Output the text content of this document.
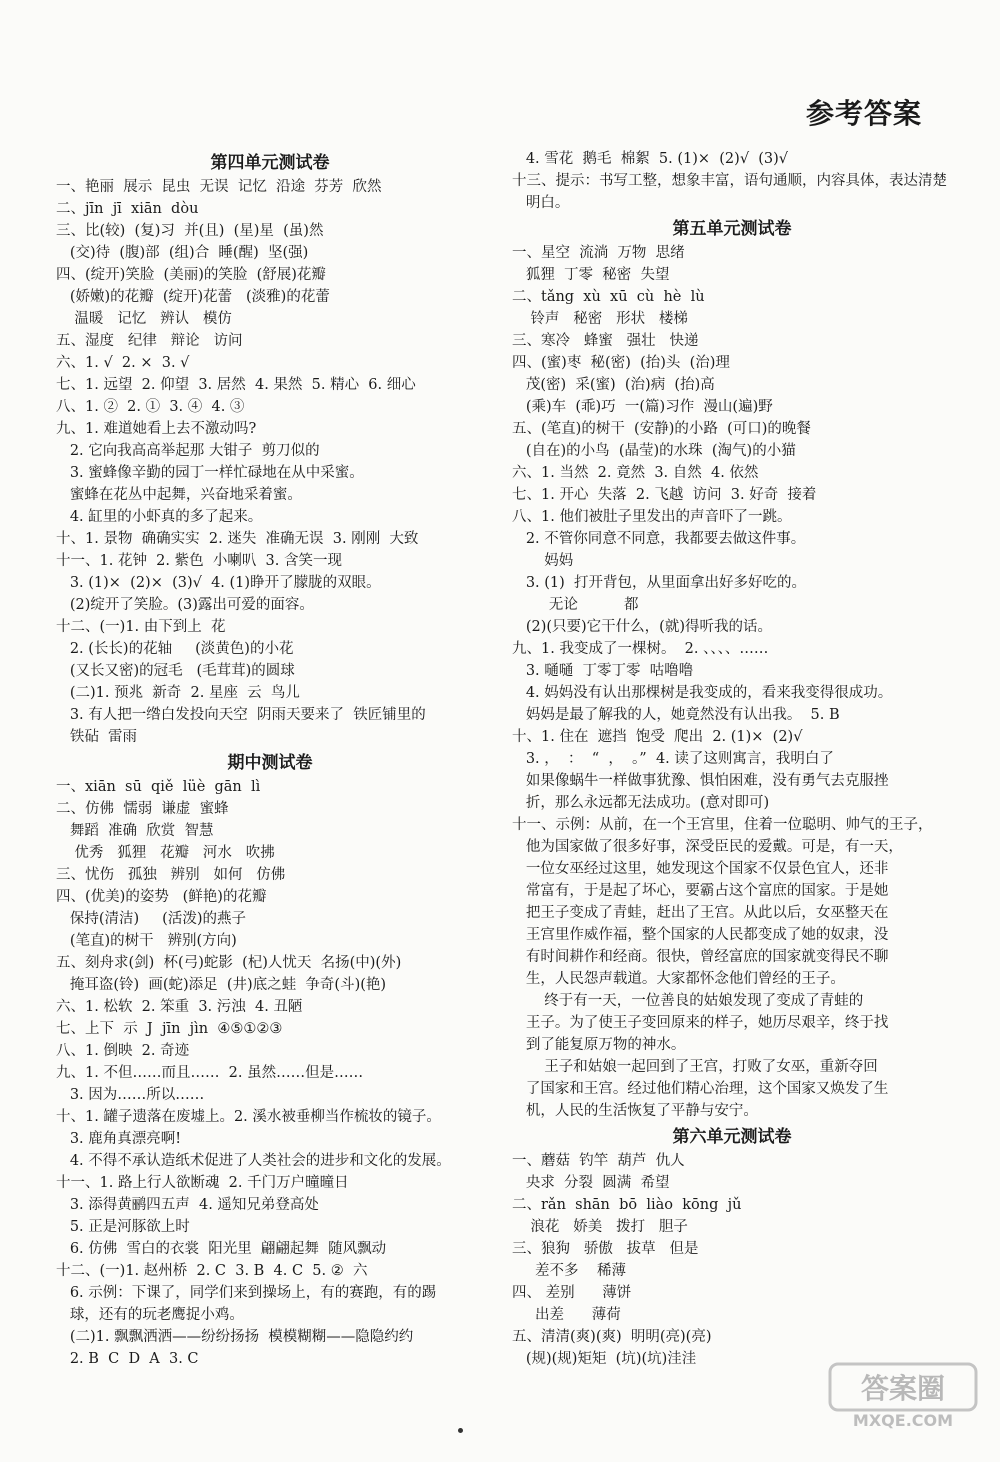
参考答案
第四单元测试卷
一、艳丽  展示  昆虫  无误  记忆  沿途  芬芳  欣然
二、jīn  jī  xiān  dòu
三、比(较)  (复)习  并(且)  (星)星  (虽)然
(交)待  (腹)部  (组)合  睡(醒)  坚(强)
四、(绽开)笑脸  (美丽)的笑脸  (舒展)花瓣
(娇嫩)的花瓣  (绽开)花蕾   (淡雅)的花蕾
温暖   记忆   辨认   模仿
五、湿度   纪律   辩论   访问
六、1. √  2. ×  3. √
七、1. 远望  2. 仰望  3. 居然  4. 果然  5. 精心  6. 细心
八、1. ②  2. ①  3. ④  4. ③
九、1. 难道她看上去不激动吗?
2. 它向我高高举起那 大钳子  剪刀似的
3. 蜜蜂像辛勤的园丁一样忙碌地在从中采蜜。
蜜蜂在花丛中起舞，兴奋地采着蜜。
4. 缸里的小虾真的多了起来。
十、1. 景物  确确实实  2. 迷失  准确无误  3. 刚刚  大致
十一、1. 花钟  2. 紫色  小喇叭  3. 含笑一现
3. (1)×  (2)×  (3)√  4. (1)睁开了朦胧的双眼。
(2)绽开了笑脸。(3)露出可爱的面容。
十二、(一)1. 由下到上  花
2. (长长)的花轴     (淡黄色)的小花
(又长又密)的冠毛   (毛茸茸)的圆球
(二)1. 预兆  新奇  2. 星座  云  鸟儿
3. 有人把一绺白发投向天空  阴雨天要来了  铁匠铺里的
铁砧  雷雨
期中测试卷
一、xiān  sū  qiě  lüè  gān  lì
二、仿佛  懦弱  谦虚  蜜蜂
舞蹈  准确  欣赏  智慧
优秀   狐狸   花瓣   河水   吹拂
三、忧伤   孤独   辨别   如何   仿佛
四、(优美)的姿势   (鲜艳)的花瓣
保持(清洁)     (活泼)的燕子
(笔直)的树干   辨别(方向)
五、刻舟求(剑)  杯(弓)蛇影  (杞)人忧天  名扬(中)(外)
掩耳盗(铃)  画(蛇)添足  (井)底之蛙  争奇(斗)(艳)
六、1. 松软  2. 笨重  3. 污浊  4. 丑陋
七、上下  示  J  jīn  jìn  ④⑤①②③
八、1. 倒映  2. 奇迹
九、1. 不但……而且……  2. 虽然……但是……
3. 因为……所以……
十、1. 罐子遗落在废墟上。2. 溪水被垂柳当作梳妆的镜子。
3. 鹿角真漂亮啊!
4. 不得不承认造纸术促进了人类社会的进步和文化的发展。
十一、1. 路上行人欲断魂  2. 千门万户曈曈日
3. 添得黄鹂四五声  4. 遥知兄弟登高处
5. 正是河豚欲上时
6. 仿佛  雪白的衣裳  阳光里  翩翩起舞  随风飘动
十二、(一)1. 赵州桥  2. C  3. B  4. C  5. ②  六
6. 示例：下课了，同学们来到操场上，有的赛跑，有的踢
球，还有的玩老鹰捉小鸡。
(二)1. 飘飘洒洒——纷纷扬扬  模模糊糊——隐隐约约
2. B  C  D  A  3. C
4. 雪花  鹅毛  棉絮  5. (1)×  (2)√  (3)√
十三、提示：书写工整，想象丰富，语句通顺，内容具体，表达清楚
明白。
第五单元测试卷
一、星空  流淌  万物  思绪
狐狸  丁零  秘密  失望
二、tǎng  xù  xū  cù  hè  lù
铃声   秘密   形状   楼梯
三、寒冷   蜂蜜   强壮   快递
四、(蜜)枣  秘(密)  (抬)头  (治)理
茂(密)  采(蜜)  (治)病  (抬)高
(乘)车  (乖)巧  一(篇)习作  漫山(遍)野
五、(笔直)的树干  (安静)的小路  (可口)的晚餐
(自在)的小鸟  (晶莹)的水珠  (淘气)的小猫
六、1. 当然  2. 竟然  3. 自然  4. 依然
七、1. 开心  失落  2. 飞越  访问  3. 好奇  接着
八、1. 他们被肚子里发出的声音吓了一跳。
2. 不管你同意不同意，我都要去做这件事。
妈妈
3. (1)  打开背包，从里面拿出好多好吃的。
无论          都
(2)(只要)它干什么，(就)得听我的话。
九、1. 我变成了一棵树。  2. 、、、、……
3. 嗵嗵  丁零丁零  咕噜噜
4. 妈妈没有认出那棵树是我变成的，看来我变得很成功。
妈妈是最了解我的人，她竟然没有认出我。  5. B
十、1. 住在  遮挡  饱受  爬出  2. (1)×  (2)√
3. ，  ：  “  ，  。”  4. 读了这则寓言，我明白了
如果像蜗牛一样做事犹豫、惧怕困难，没有勇气去克服挫
折，那么永远都无法成功。(意对即可)
十一、示例：从前，在一个王宫里，住着一位聪明、帅气的王子，
他为国家做了很多好事，深受臣民的爱戴。可是，有一天，
一位女巫经过这里，她发现这个国家不仅景色宜人，还非
常富有，于是起了坏心，要霸占这个富庶的国家。于是她
把王子变成了青蛙，赶出了王宫。从此以后，女巫整天在
王宫里作威作福，整个国家的人民都变成了她的奴隶，没
有时间耕作和经商。很快，曾经富庶的国家就变得民不聊
生，人民怨声载道。大家都怀念他们曾经的王子。
终于有一天，一位善良的姑娘发现了变成了青蛙的
王子。为了使王子变回原来的样子，她历尽艰辛，终于找
到了能复原万物的神水。
王子和姑娘一起回到了王宫，打败了女巫，重新夺回
了国家和王宫。经过他们精心治理，这个国家又焕发了生
机，人民的生活恢复了平静与安宁。
第六单元测试卷
一、蘑菇  钓竿  葫芦  仇人
央求  分裂  圆满  希望
二、rǎn  shān  bō  liào  kōng  jǔ
浪花   娇美   拨打   胆子
三、狼狗   骄傲   拔草   但是
差不多    稀薄
四、 差别      薄饼
出差      薄荷
五、清清(爽)(爽)  明明(亮)(亮)
(规)(规)矩矩  (坑)(坑)洼洼
答案圈
MXQE.COM
